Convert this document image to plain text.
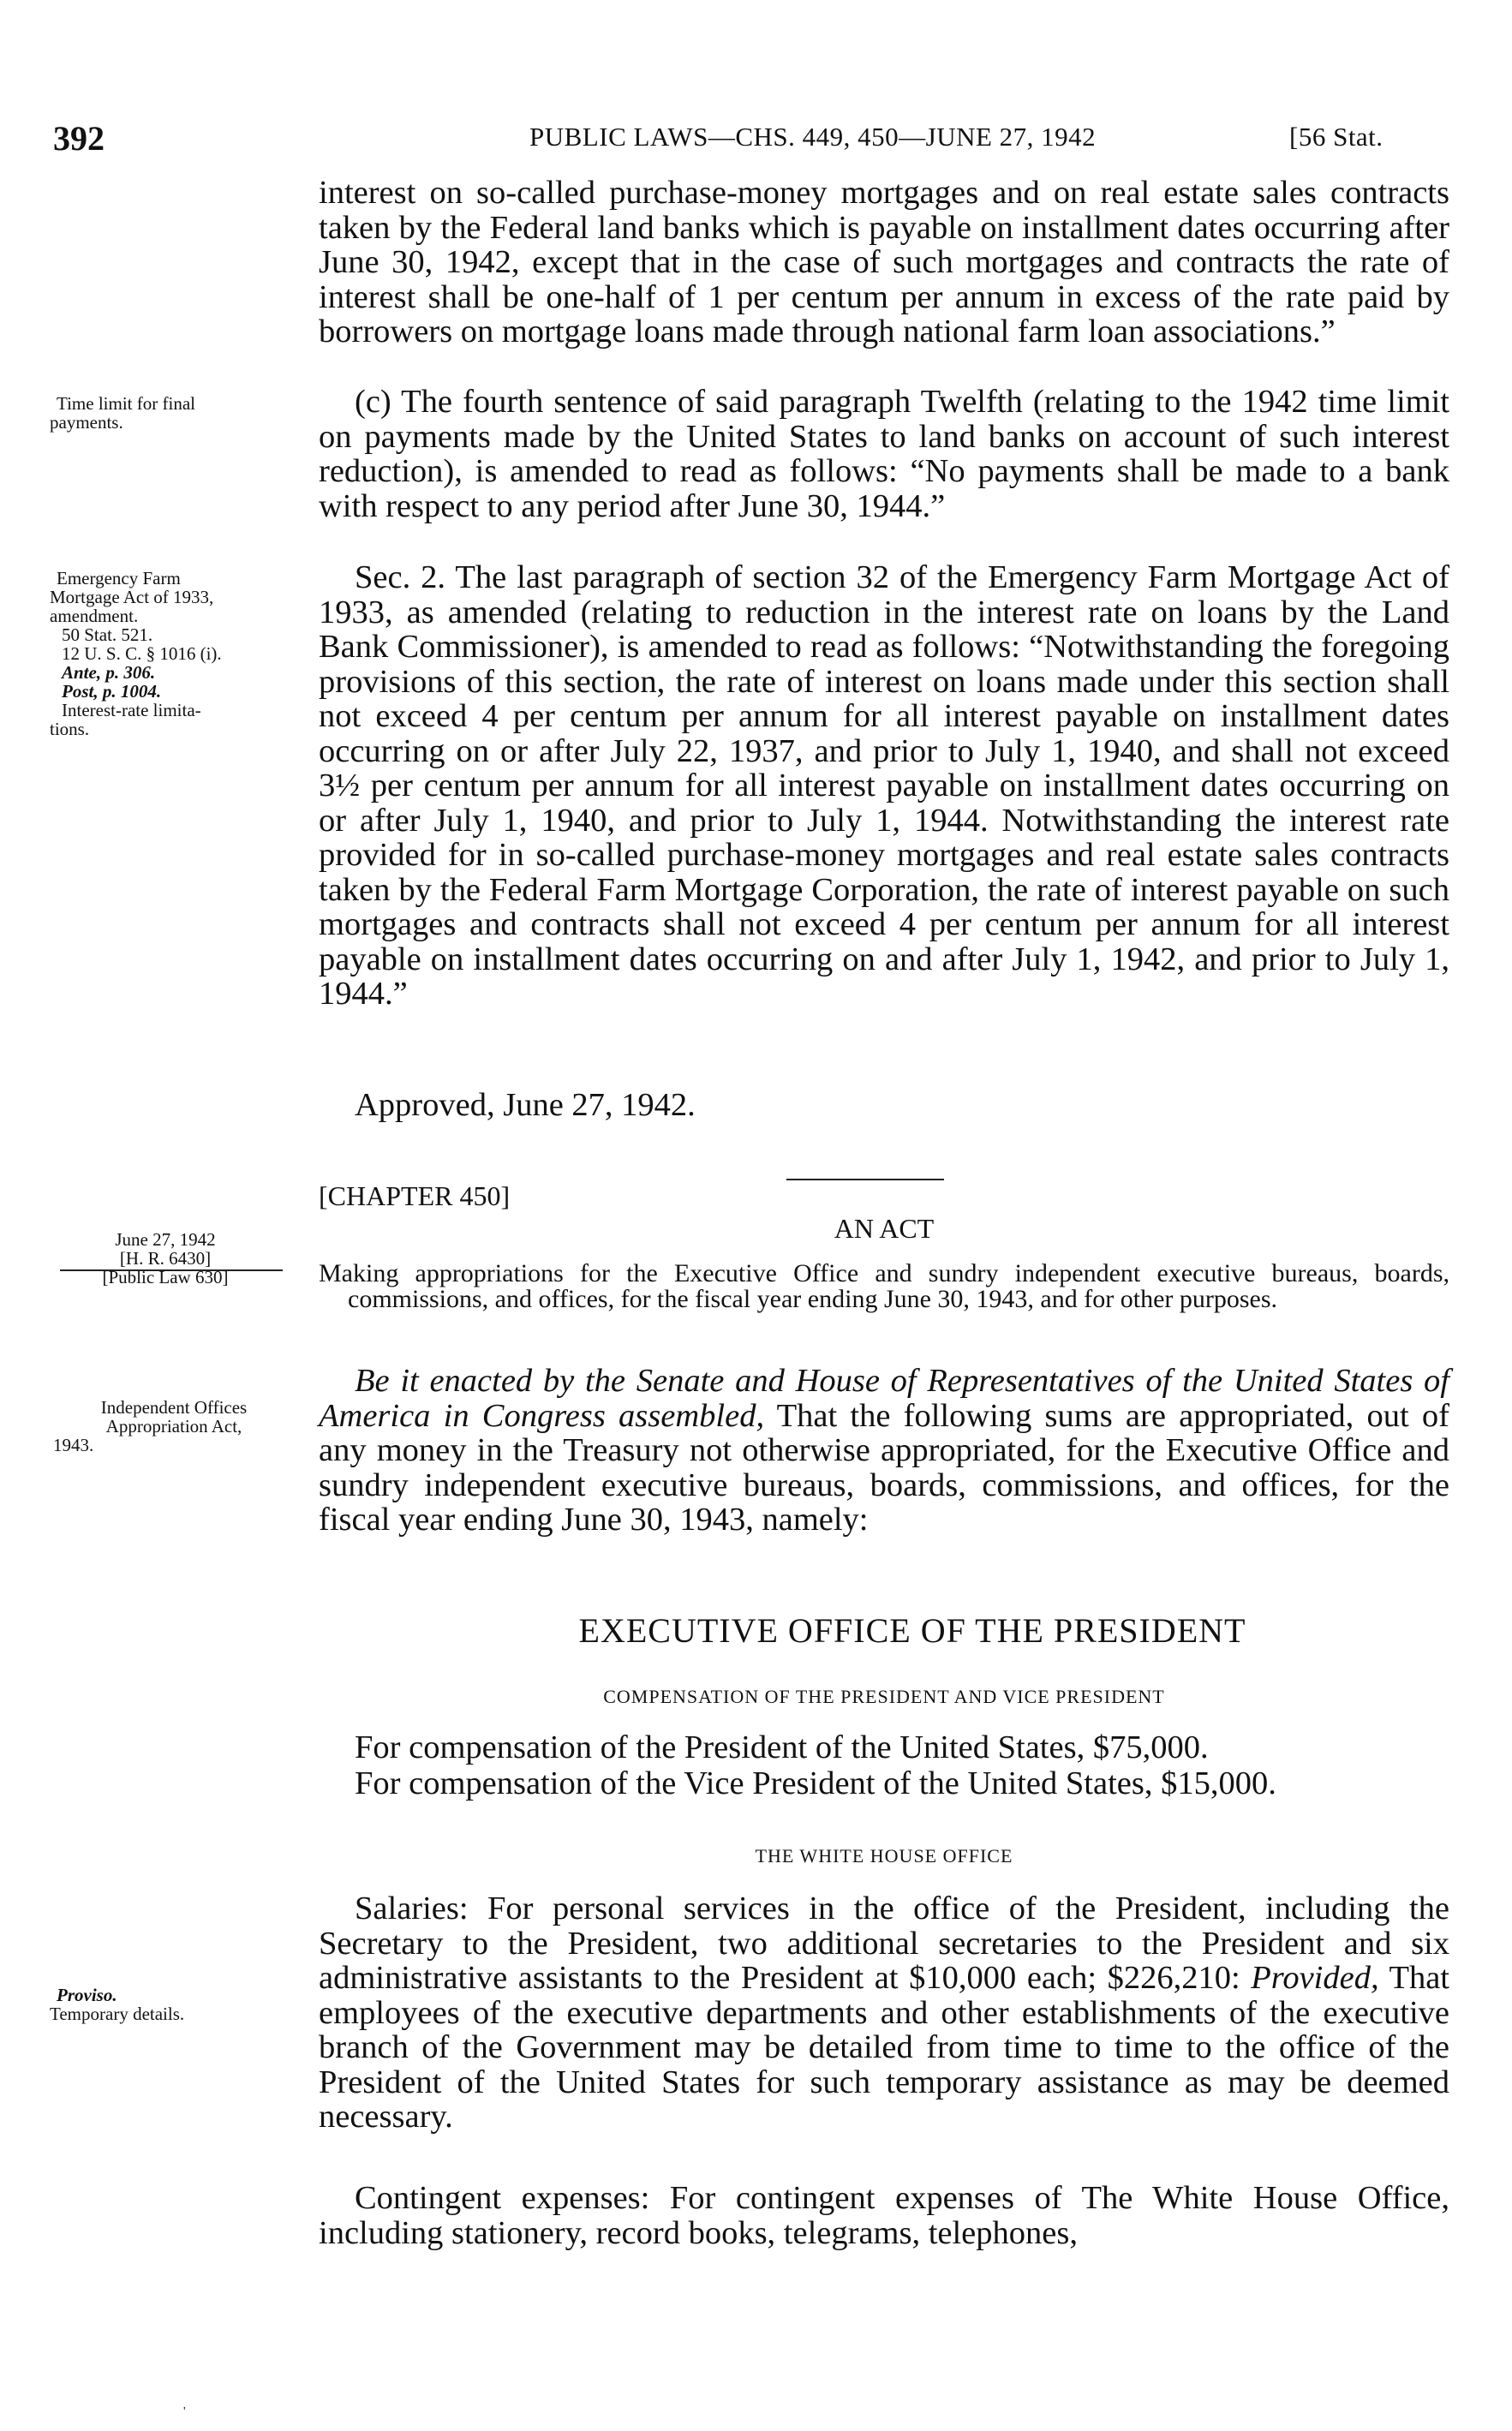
392	PUBLIC LAWS—CHS. 449, 450—JUNE 27, 1942	[56 Stat.
Time limit for final
payments.
Emergency Farm
Mortgage Act of 1933,
amendment.
50 Stat. 521.
12 U. S. C. § 1016 (i).
Ante, p. 306.
Post, p. 1004.
Interest-rate limita-
tions.
June 27, 1942
[H. R. 6430]
[Public Law 630]
Independent Offices
Appropriation Act,
1943.
Proviso.
Temporary details.

interest on so-called purchase-money mortgages and on real estate sales contracts taken by the Federal land banks which is payable on installment dates occurring after June 30, 1942, except that in the case of such mortgages and contracts the rate of interest shall be one-half of 1 per centum per annum in excess of the rate paid by borrowers on mortgage loans made through national farm loan associations.”

(c) The fourth sentence of said paragraph Twelfth (relating to the 1942 time limit on payments made by the United States to land banks on account of such interest reduction), is amended to read as follows: “No payments shall be made to a bank with respect to any period after June 30, 1944.”

Sec. 2. The last paragraph of section 32 of the Emergency Farm Mortgage Act of 1933, as amended (relating to reduction in the interest rate on loans by the Land Bank Commissioner), is amended to read as follows: “Notwithstanding the foregoing provisions of this section, the rate of interest on loans made under this section shall not exceed 4 per centum per annum for all interest payable on installment dates occurring on or after July 22, 1937, and prior to July 1, 1940, and shall not exceed 3½ per centum per annum for all interest payable on installment dates occurring on or after July 1, 1940, and prior to July 1, 1944. Notwithstanding the interest rate provided for in so-called purchase-money mortgages and real estate sales contracts taken by the Federal Farm Mortgage Corporation, the rate of interest payable on such mortgages and contracts shall not exceed 4 per centum per annum for all interest payable on installment dates occurring on and after July 1, 1942, and prior to July 1, 1944.”

Approved, June 27, 1942.

[CHAPTER 450]
AN ACT
Making appropriations for the Executive Office and sundry independent executive bureaus, boards, commissions, and offices, for the fiscal year ending June 30, 1943, and for other purposes.

Be it enacted by the Senate and House of Representatives of the United States of America in Congress assembled, That the following sums are appropriated, out of any money in the Treasury not otherwise appropriated, for the Executive Office and sundry independent executive bureaus, boards, commissions, and offices, for the fiscal year ending June 30, 1943, namely:

EXECUTIVE OFFICE OF THE PRESIDENT
COMPENSATION OF THE PRESIDENT AND VICE PRESIDENT

For compensation of the President of the United States, $75,000.

For compensation of the Vice President of the United States, $15,000.

THE WHITE HOUSE OFFICE

Salaries: For personal services in the office of the President, including the Secretary to the President, two additional secretaries to the President and six administrative assistants to the President at $10,000 each; $226,210: Provided, That employees of the executive departments and other establishments of the executive branch of the Government may be detailed from time to time to the office of the President of the United States for such temporary assistance as may be deemed necessary.

Contingent expenses: For contingent expenses of The White House Office, including stationery, record books, telegrams, telephones,

'
